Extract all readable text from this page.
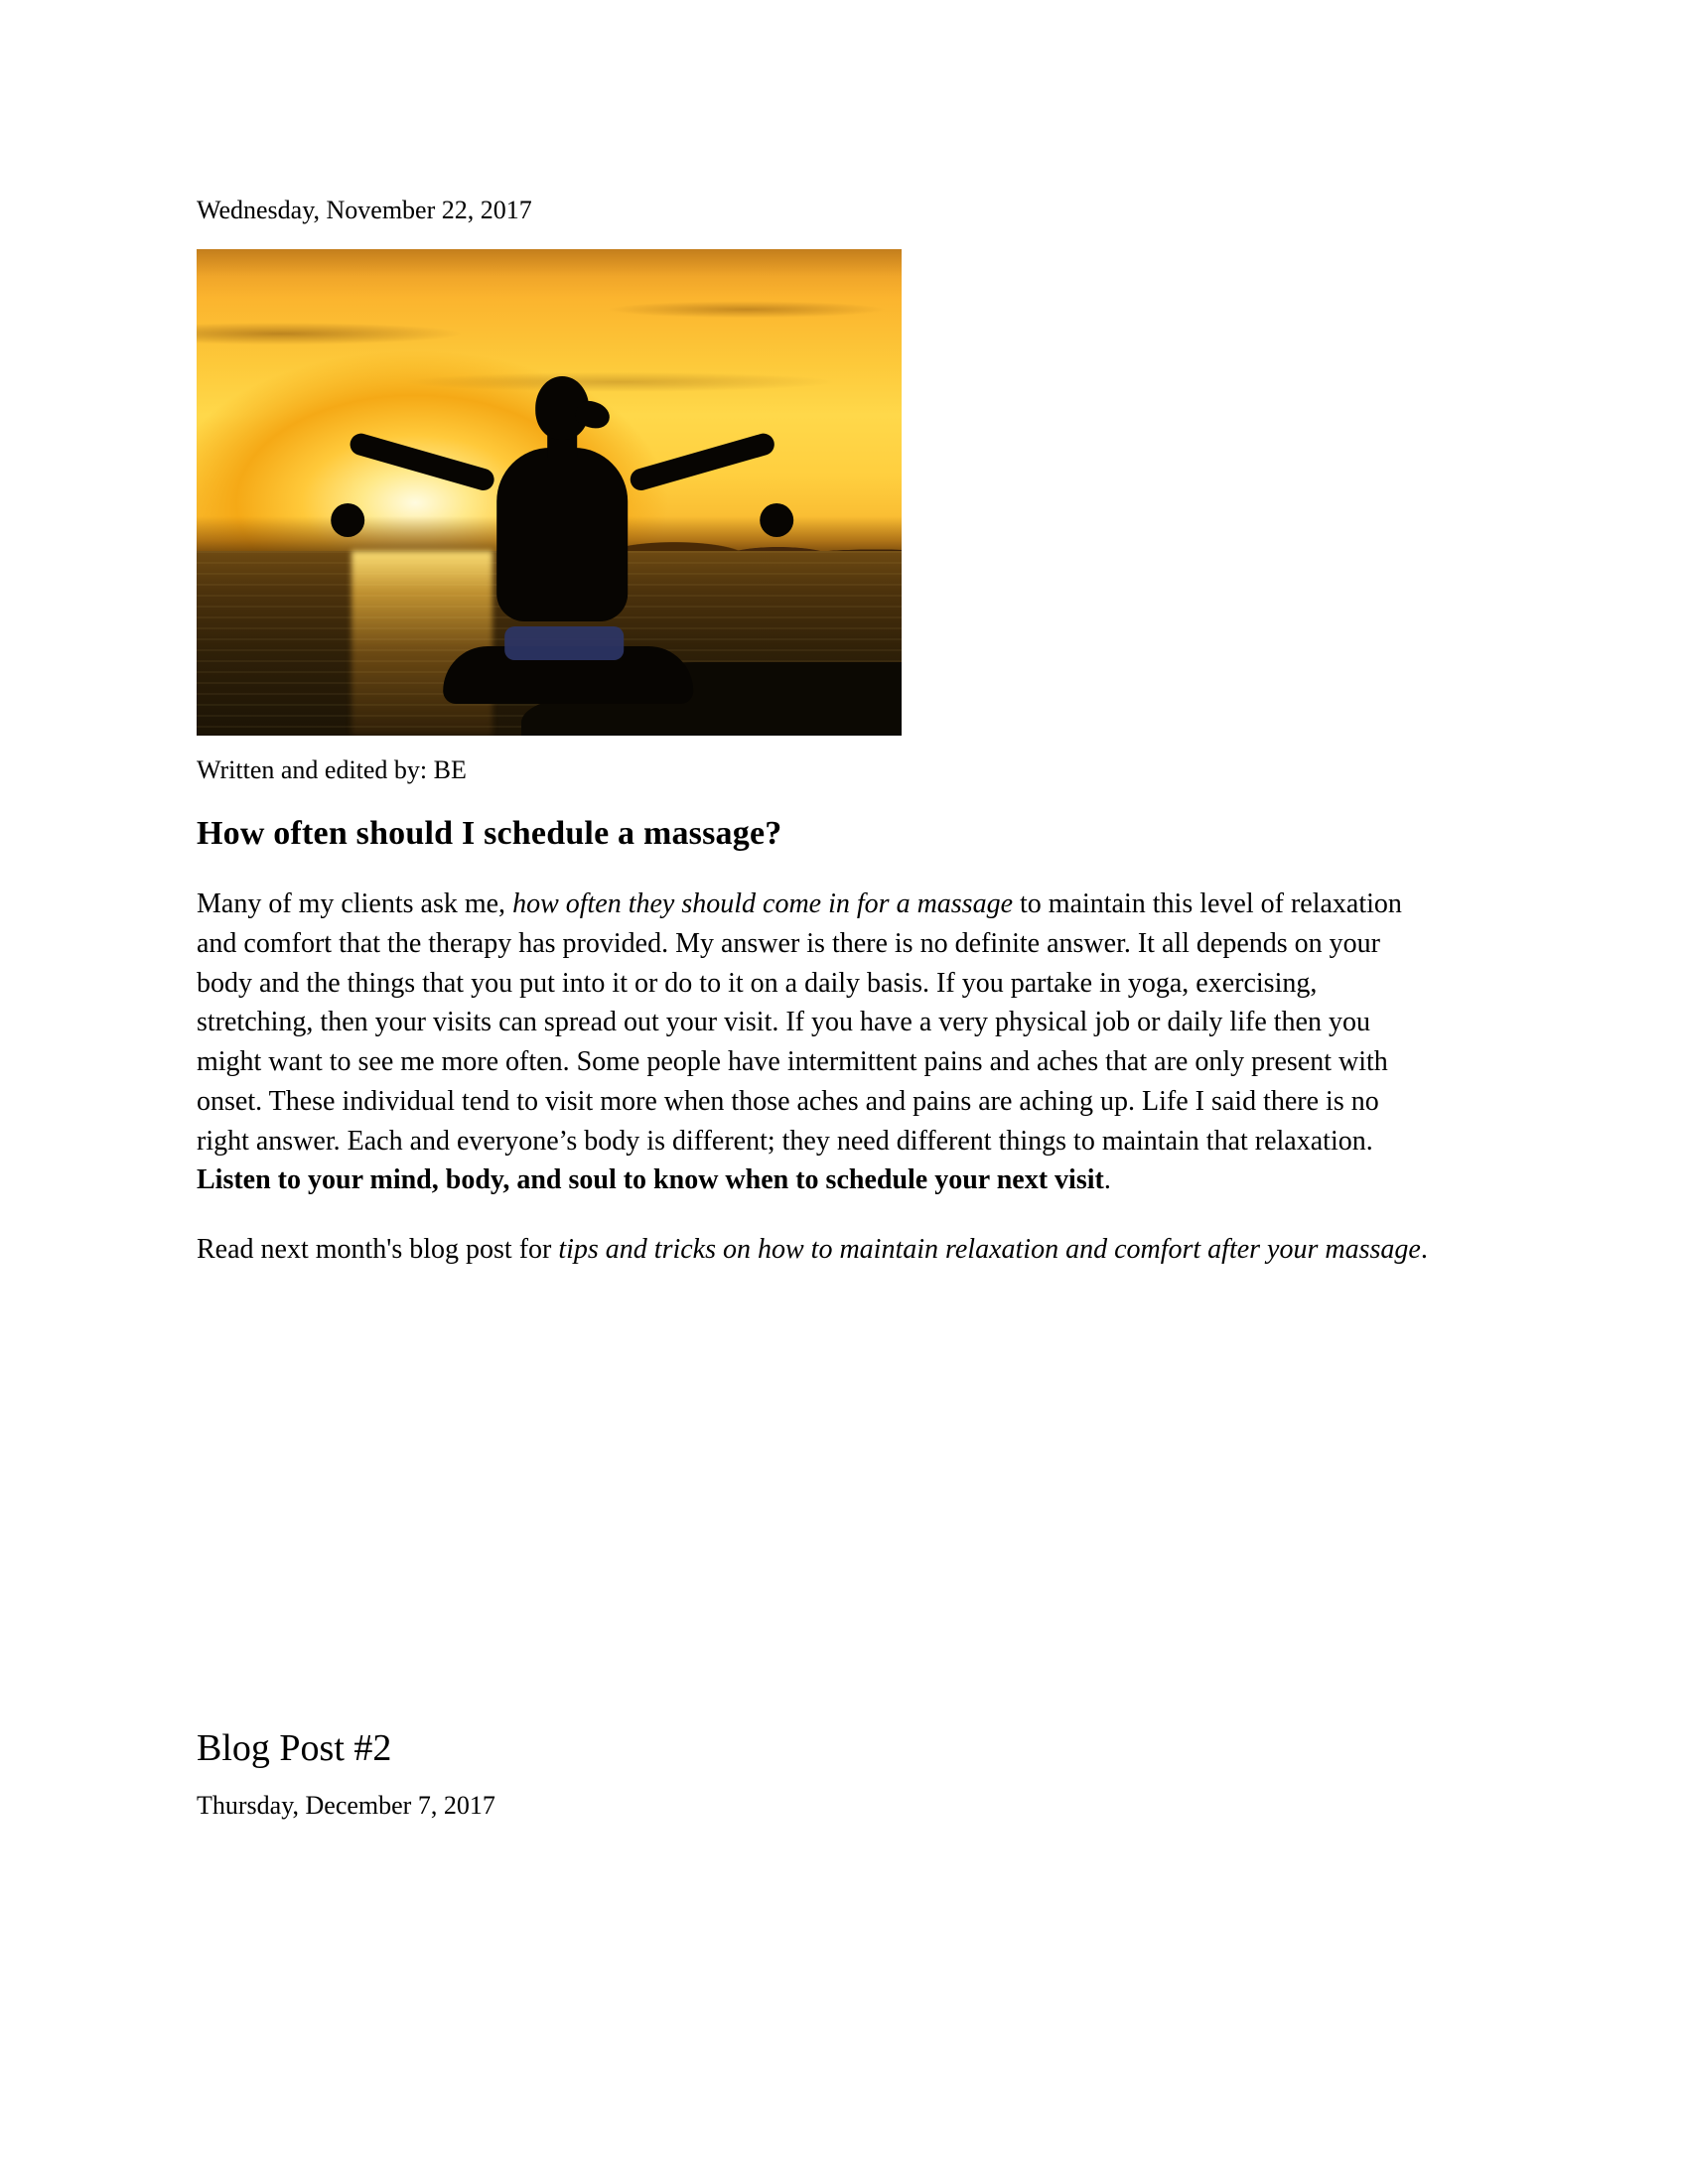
Wednesday, November 22, 2017
Written and edited by: BE
How often should I schedule a massage?

Many of my clients ask me, how often they should come in for a massage to maintain this level of relaxation and comfort that the therapy has provided. My answer is there is no definite answer. It all depends on your body and the things that you put into it or do to it on a daily basis. If you partake in yoga, exercising, stretching, then your visits can spread out your visit. If you have a very physical job or daily life then you might want to see me more often. Some people have intermittent pains and aches that are only present with onset. These individual tend to visit more when those aches and pains are aching up. Life I said there is no right answer. Each and everyone’s body is different; they need different things to maintain that relaxation. Listen to your mind, body, and soul to know when to schedule your next visit.

Read next month's blog post for tips and tricks on how to maintain relaxation and comfort after your massage.

Blog Post #2
Thursday, December 7, 2017
